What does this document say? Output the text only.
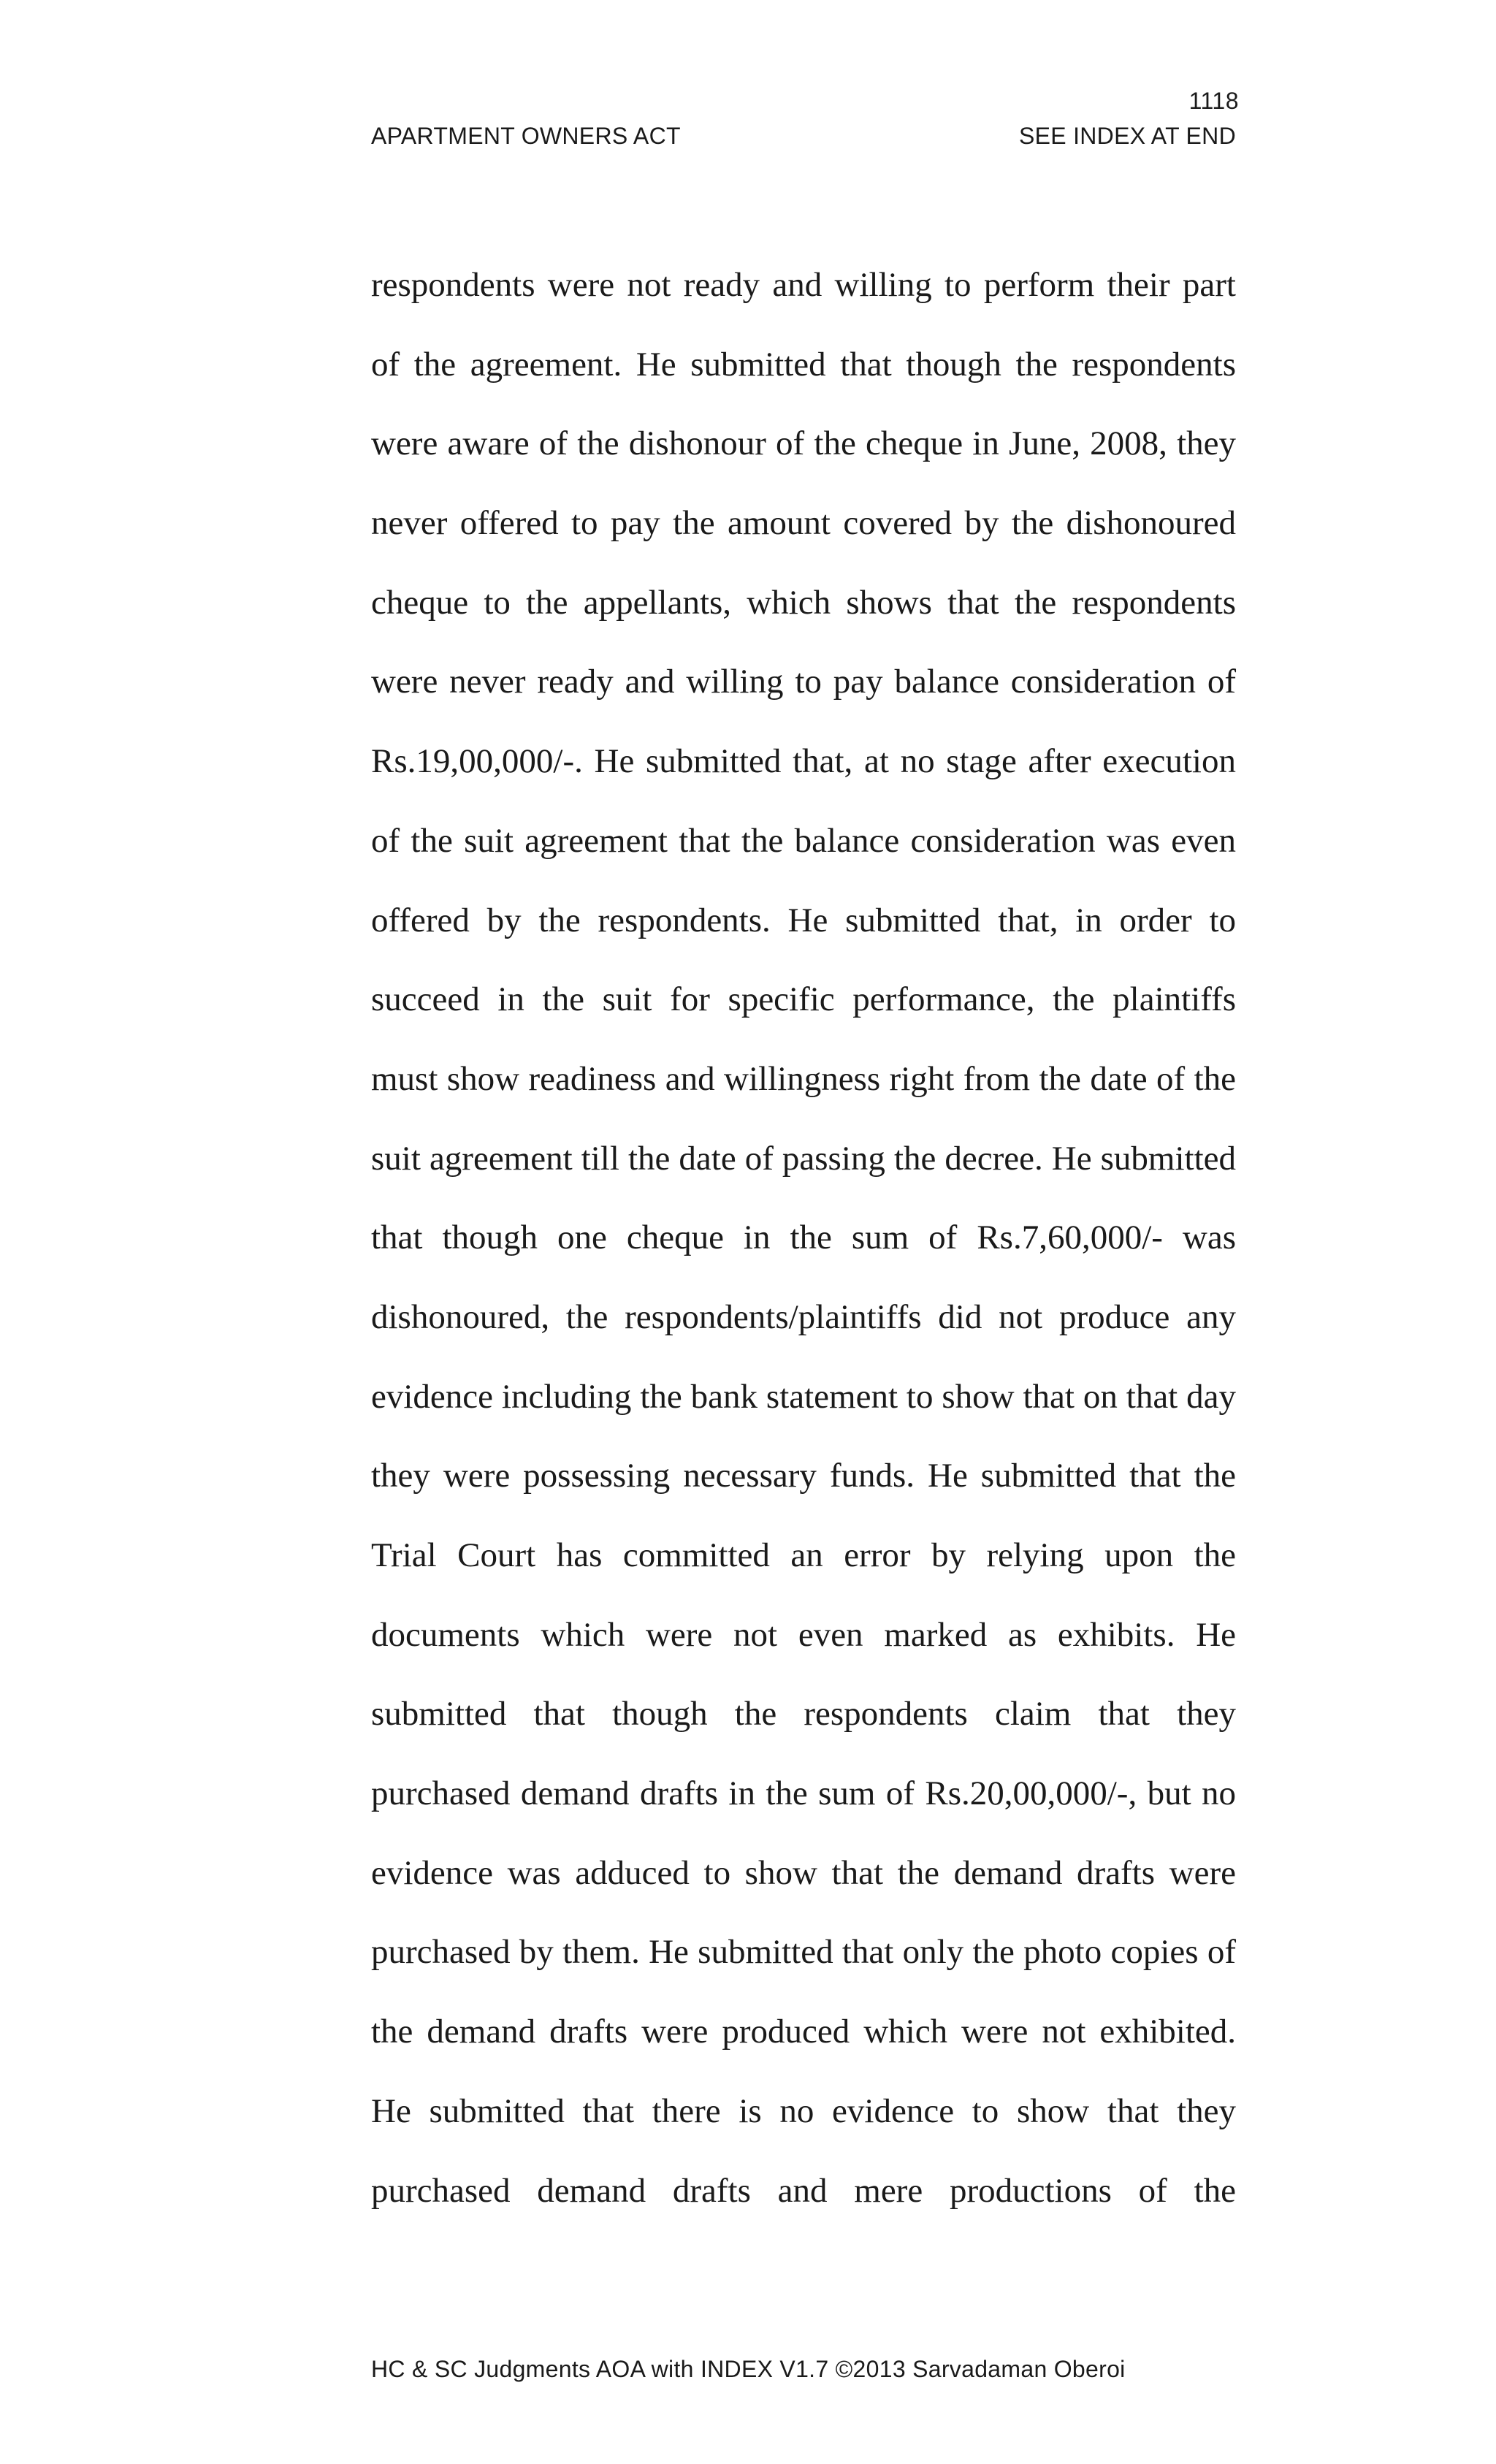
1118
APARTMENT OWNERS ACT	SEE INDEX AT END
respondents were not ready and willing to perform their part
of the agreement. He submitted that though the respondents
were aware of the dishonour of the cheque in June, 2008, they
never offered to pay the amount covered by the dishonoured
cheque to the appellants, which shows that the respondents
were never ready and willing to pay balance consideration of
Rs.19,00,000/-. He submitted that, at no stage after execution
of the suit agreement that the balance consideration was even
offered by the respondents. He submitted that, in order to
succeed in the suit for specific performance, the plaintiffs
must show readiness and willingness right from the date of the
suit agreement till the date of passing the decree. He submitted
that though one cheque in the sum of Rs.7,60,000/- was
dishonoured, the respondents/plaintiffs did not produce any
evidence including the bank statement to show that on that day
they were possessing necessary funds. He submitted that the
Trial Court has committed an error by relying upon the
documents which were not even marked as exhibits. He
submitted that though the respondents claim that they
purchased demand drafts in the sum of Rs.20,00,000/-, but no
evidence was adduced to show that the demand drafts were
purchased by them. He submitted that only the photo copies of
the demand drafts were produced which were not exhibited.
He submitted that there is no evidence to show that they
purchased demand drafts and mere productions of the
HC & SC Judgments AOA with INDEX V1.7 ©2013 Sarvadaman Oberoi
